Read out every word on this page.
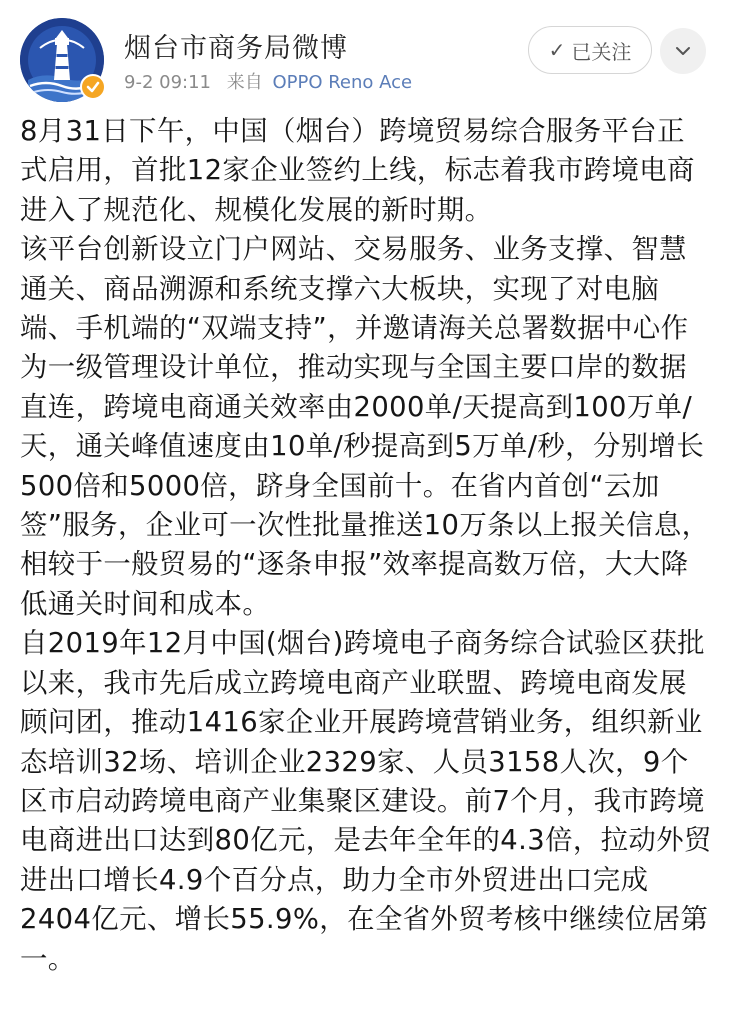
烟台市商务局微博
9-2 09:11 来自 OPPO Reno Ace
✓ 已关注

8月31日下午，中国（烟台）跨境贸易综合服务平台正式启用，首批12家企业签约上线，标志着我市跨境电商进入了规范化、规模化发展的新时期。

该平台创新设立门户网站、交易服务、业务支撑、智慧通关、商品溯源和系统支撑六大板块，实现了对电脑端、手机端的“双端支持”，并邀请海关总署数据中心作为一级管理设计单位，推动实现与全国主要口岸的数据直连，跨境电商通关效率由2000单/天提高到100万单/天，通关峰值速度由10单/秒提高到5万单/秒，分别增长500倍和5000倍，跻身全国前十。在省内首创“云加签”服务，企业可一次性批量推送10万条以上报关信息，相较于一般贸易的“逐条申报”效率提高数万倍，大大降低通关时间和成本。

自2019年12月中国(烟台)跨境电子商务综合试验区获批以来，我市先后成立跨境电商产业联盟、跨境电商发展顾问团，推动1416家企业开展跨境营销业务，组织新业态培训32场、培训企业2329家、人员3158人次，9个区市启动跨境电商产业集聚区建设。前7个月，我市跨境电商进出口达到80亿元，是去年全年的4.3倍，拉动外贸进出口增长4.9个百分点，助力全市外贸进出口完成2404亿元、增长55.9%，在全省外贸考核中继续位居第一。
